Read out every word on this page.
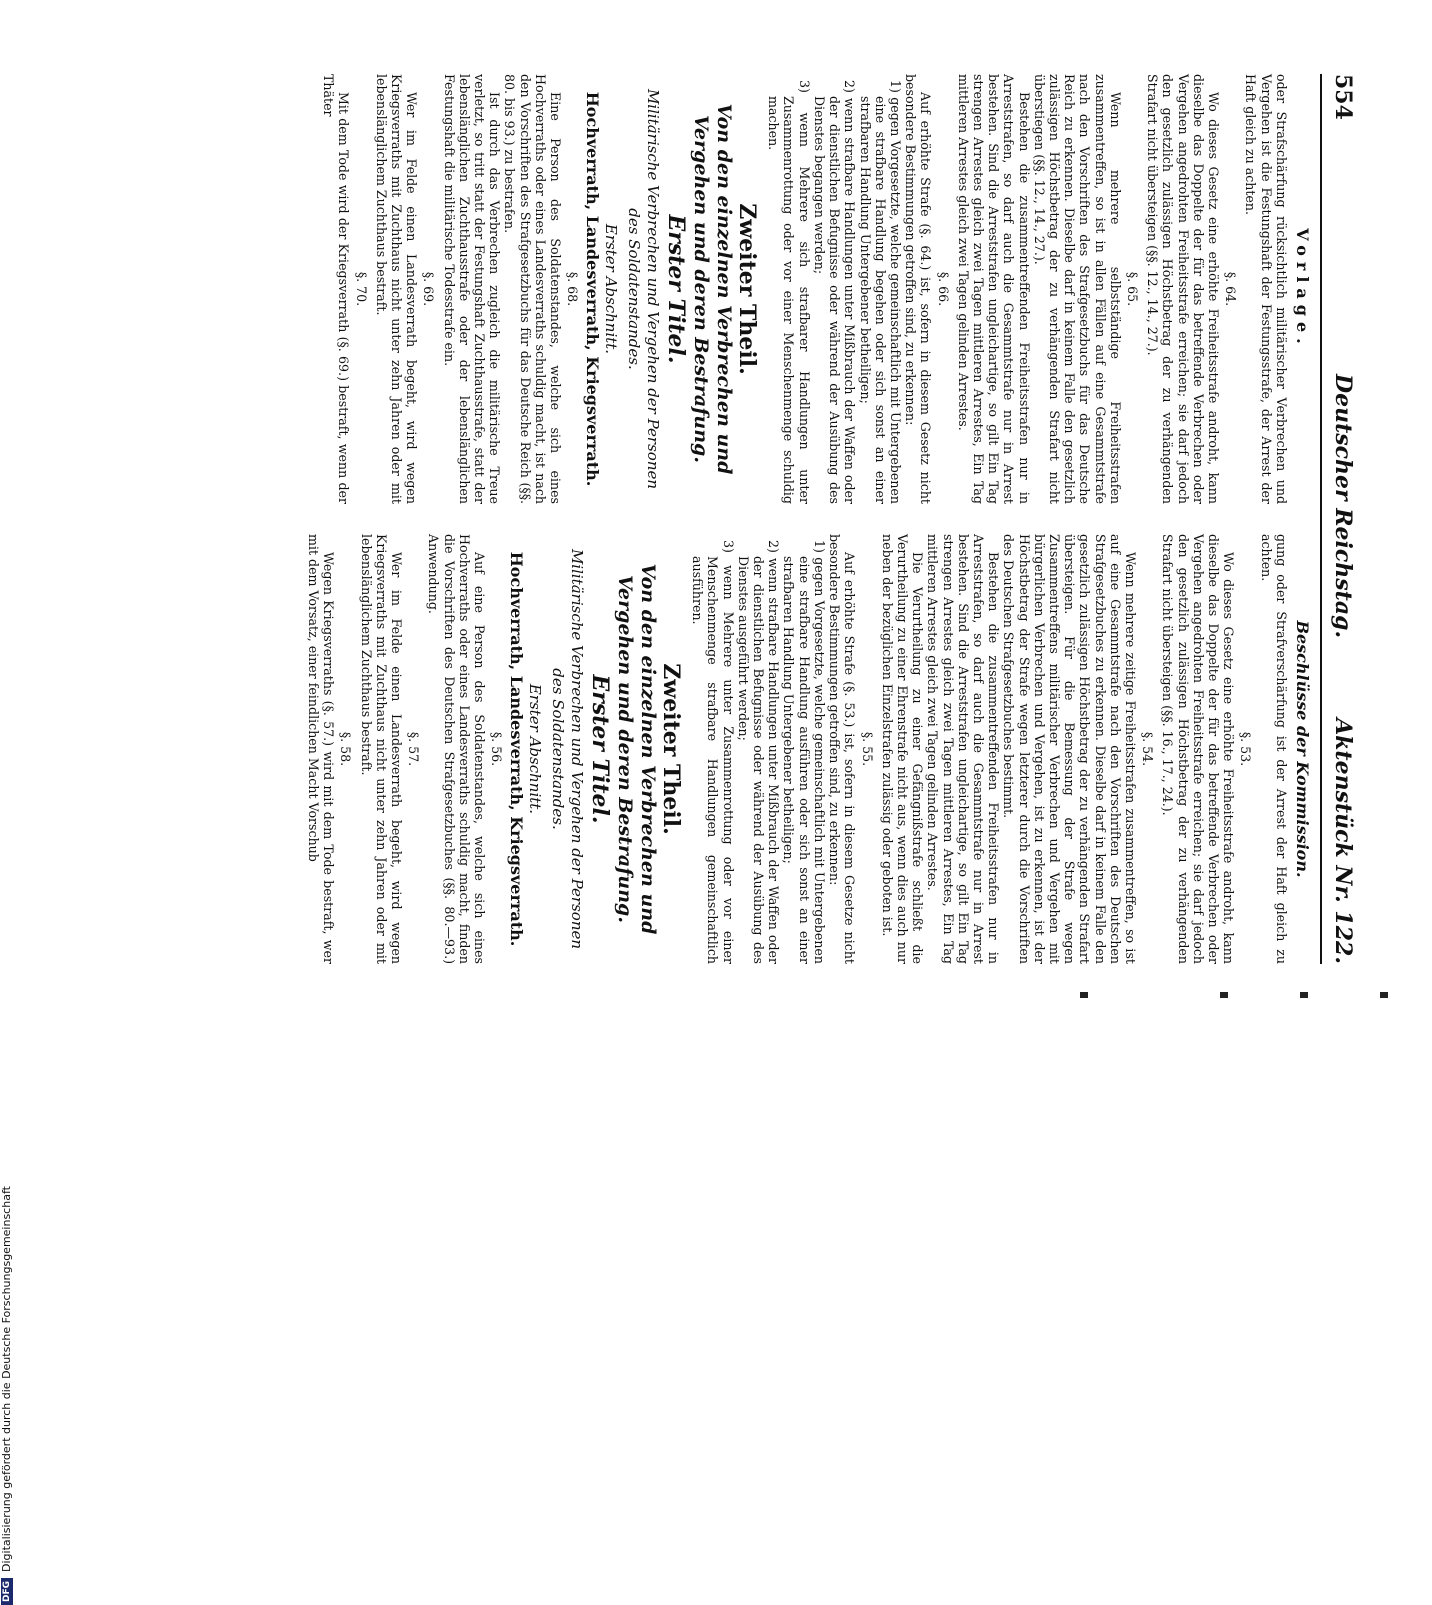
554
Deutscher Reichstag.
Aktenstück Nr. 122.
Vorlage.

oder Strafschärfung rücksichtlich militärischer Verbrechen und Vergehen ist die Festungshaft der Festungsstrafe, der Arrest der Haft gleich zu achten.

§. 64.

Wo dieses Gesetz eine erhöhte Freiheitsstrafe androht, kann dieselbe das Doppelte der für das betreffende Verbrechen oder Vergehen angedrohten Freiheitsstrafe erreichen; sie darf jedoch den gesetzlich zulässigen Höchstbetrag der zu verhängenden Strafart nicht übersteigen (§§. 12., 14., 27.).

§. 65.

Wenn mehrere selbstständige Freiheitsstrafen zusammentreffen, so ist in allen Fällen auf eine Gesammtstrafe nach den Vorschriften des Strafgesetzbuchs für das Deutsche Reich zu erkennen. Dieselbe darf in keinem Falle den gesetzlich zulässigen Höchstbetrag der zu verhängenden Strafart nicht überstiegen (§§. 12., 14., 27.).

Bestehen die zusammentreffenden Freiheitsstrafen nur in Arreststrafen, so darf auch die Gesammtstrafe nur in Arrest bestehen. Sind die Arreststrafen ungleichartige, so gilt Ein Tag strengen Arrestes gleich zwei Tagen mittleren Arrestes, Ein Tag mittleren Arrestes gleich zwei Tagen gelinden Arrestes.

§. 66.

Auf erhöhte Strafe (§. 64.) ist, sofern in diesem Gesetz nicht besondere Bestimmungen getroffen sind, zu erkennen:

1) gegen Vorgesetzte, welche gemeinschaftlich mit Untergebenen eine strafbare Handlung begehen oder sich sonst an einer strafbaren Handlung Untergebener betheiligen;

2) wenn strafbare Handlungen unter Mißbrauch der Waffen oder der dienstlichen Befugnisse oder während der Ausübung des Dienstes begangen werden;

3) wenn Mehrere sich strafbarer Handlungen unter Zusammenrottung oder vor einer Menschenmenge schuldig machen.

Zweiter Theil.
Von den einzelnen Verbrechen und Vergehen und deren Bestrafung.
Erster Titel.
Militärische Verbrechen und Vergehen der Personen des Soldatenstandes.
Erster Abschnitt.
Hochverrath, Landesverrath, Kriegsverrath.
§. 68.

Eine Person des Soldatenstandes, welche sich eines Hochverraths oder eines Landesverraths schuldig macht, ist nach den Vorschriften des Strafgesetzbuchs für das Deutsche Reich (§§. 80. bis 93.) zu bestrafen.

Ist durch das Verbrechen zugleich die militärische Treue verletzt, so tritt statt der Festungshaft Zuchthausstrafe, statt der lebenslänglichen Zuchthausstrafe oder der lebenslänglichen Festungshaft die militärische Todesstrafe ein.

§. 69.

Wer im Felde einen Landesverrath begeht, wird wegen Kriegsverraths mit Zuchthaus nicht unter zehn Jahren oder mit lebenslänglichem Zuchthaus bestraft.

§. 70.

Mit dem Tode wird der Kriegsverrath (§. 69.) bestraft, wenn der Thäter

Beschlüsse der Kommission.

gung oder Strafverschärfung ist der Arrest der Haft gleich zu achten.

§. 53.

Wo dieses Gesetz eine erhöhte Freiheitsstrafe androht, kann dieselbe das Doppelte der für das betreffende Verbrechen oder Vergehen angedrohten Freiheitsstrafe erreichen; sie darf jedoch den gesetzlich zulässigen Höchstbetrag der zu verhängenden Strafart nicht übersteigen (§§. 16., 17., 24.).

§. 54.

Wenn mehrere zeitige Freiheitsstrafen zusammentreffen, so ist auf eine Gesammtstrafe nach den Vorschriften des Deutschen Strafgesetzbuches zu erkennen. Dieselbe darf in keinem Falle den gesetzlich zulässigen Höchstbetrag der zu verhängenden Strafart übersteigen. Für die Bemessung der Strafe wegen Zusammentreffens militärischer Verbrechen und Vergehen mit bürgerlichen Verbrechen und Vergehen, ist zu erkennen, ist der Höchstbetrag der Strafe wegen letzterer durch die Vorschriften des Deutschen Strafgesetzbuches bestimmt.

Bestehen die zusammentreffenden Freiheitsstrafen nur in Arreststrafen, so darf auch die Gesammtstrafe nur in Arrest bestehen. Sind die Arreststrafen ungleichartige, so gilt Ein Tag strengen Arrestes gleich zwei Tagen mittleren Arrestes, Ein Tag mittleren Arrestes gleich zwei Tagen gelinden Arrestes.

Die Verurtheilung zu einer Gefängnißstrafe schließt die Verurtheilung zu einer Ehrenstrafe nicht aus, wenn dies auch nur neben der bezüglichen Einzelstrafen zulässig oder geboten ist.

§. 55.

Auf erhöhte Strafe (§. 53.) ist, sofern in diesem Gesetze nicht besondere Bestimmungen getroffen sind, zu erkennen:

1) gegen Vorgesetzte, welche gemeinschaftlich mit Untergebenen eine strafbare Handlung ausführen oder sich sonst an einer strafbaren Handlung Untergebener betheiligen;

2) wenn strafbare Handlungen unter Mißbrauch der Waffen oder der dienstlichen Befugnisse oder während der Ausübung des Dienstes ausgeführt werden;

3) wenn Mehrere unter Zusammenrottung oder vor einer Menschenmenge strafbare Handlungen gemeinschaftlich ausführen.

Zweiter Theil.
Von den einzelnen Verbrechen und Vergehen und deren Bestrafung.
Erster Titel.
Militärische Verbrechen und Vergehen der Personen des Soldatenstandes.
Erster Abschnitt.
Hochverrath, Landesverrath, Kriegsverrath.
§. 56.

Auf eine Person des Soldatenstandes, welche sich eines Hochverraths oder eines Landesverraths schuldig macht, finden die Vorschriften des Deutschen Strafgesetzbuches (§§. 80.—93.) Anwendung.

§. 57.

Wer im Felde einen Landesverrath begeht, wird wegen Kriegsverraths mit Zuchthaus nicht unter zehn Jahren oder mit lebenslänglichem Zuchthaus bestraft.

§. 58.

Wegen Kriegsverraths (§. 57.) wird mit dem Tode bestraft, wer mit dem Vorsatz, einer feindlichen Macht Vorschub

DFGDigitalisierung gefördert durch die Deutsche Forschungsgemeinschaft
